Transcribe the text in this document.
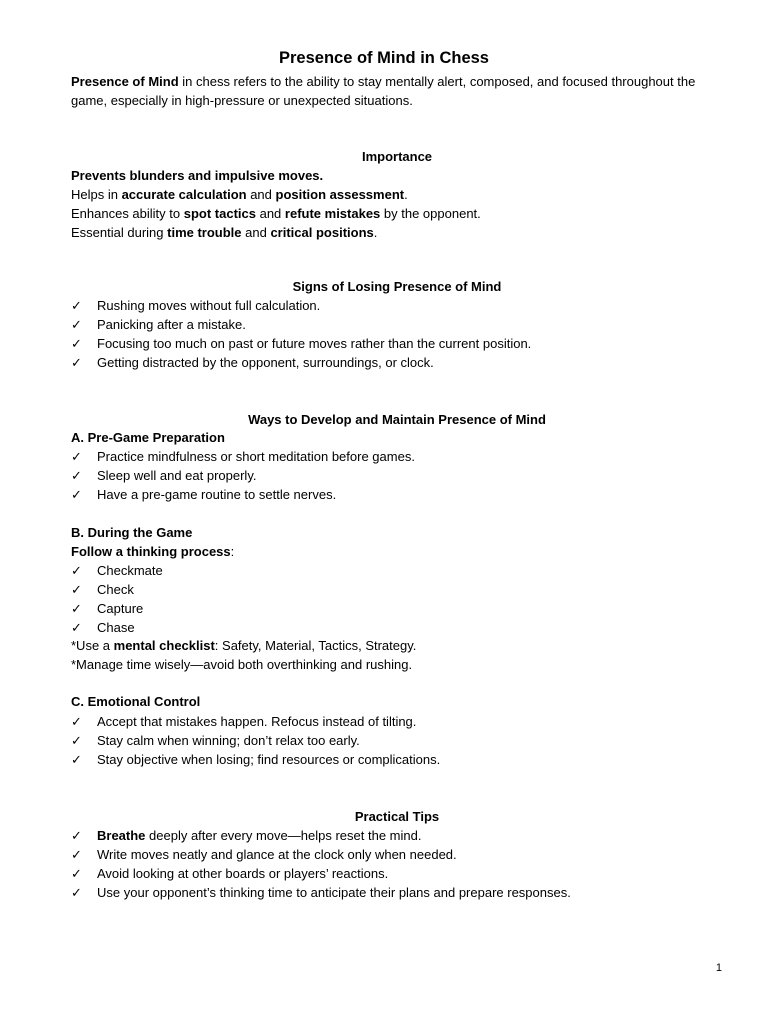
Presence of Mind in Chess

Presence of Mind in chess refers to the ability to stay mentally alert, composed, and focused throughout the game, especially in high-pressure or unexpected situations.

Importance

Prevents blunders and impulsive moves.

Helps in accurate calculation and position assessment.

Enhances ability to spot tactics and refute mistakes by the opponent.

Essential during time trouble and critical positions.

Signs of Losing Presence of Mind
✓ Rushing moves without full calculation.
✓ Panicking after a mistake.
✓ Focusing too much on past or future moves rather than the current position.
✓ Getting distracted by the opponent, surroundings, or clock.
Ways to Develop and Maintain Presence of Mind
A. Pre-Game Preparation
✓ Practice mindfulness or short meditation before games.
✓ Sleep well and eat properly.
✓ Have a pre-game routine to settle nerves.
B. During the Game

Follow a thinking process:

✓ Checkmate
✓ Check
✓ Capture
✓ Chase

*Use a mental checklist: Safety, Material, Tactics, Strategy.

*Manage time wisely—avoid both overthinking and rushing.

C. Emotional Control
✓ Accept that mistakes happen. Refocus instead of tilting.
✓ Stay calm when winning; don’t relax too early.
✓ Stay objective when losing; find resources or complications.
Practical Tips
✓ Breathe deeply after every move—helps reset the mind.
✓ Write moves neatly and glance at the clock only when needed.
✓ Avoid looking at other boards or players’ reactions.
✓ Use your opponent’s thinking time to anticipate their plans and prepare responses.
1
